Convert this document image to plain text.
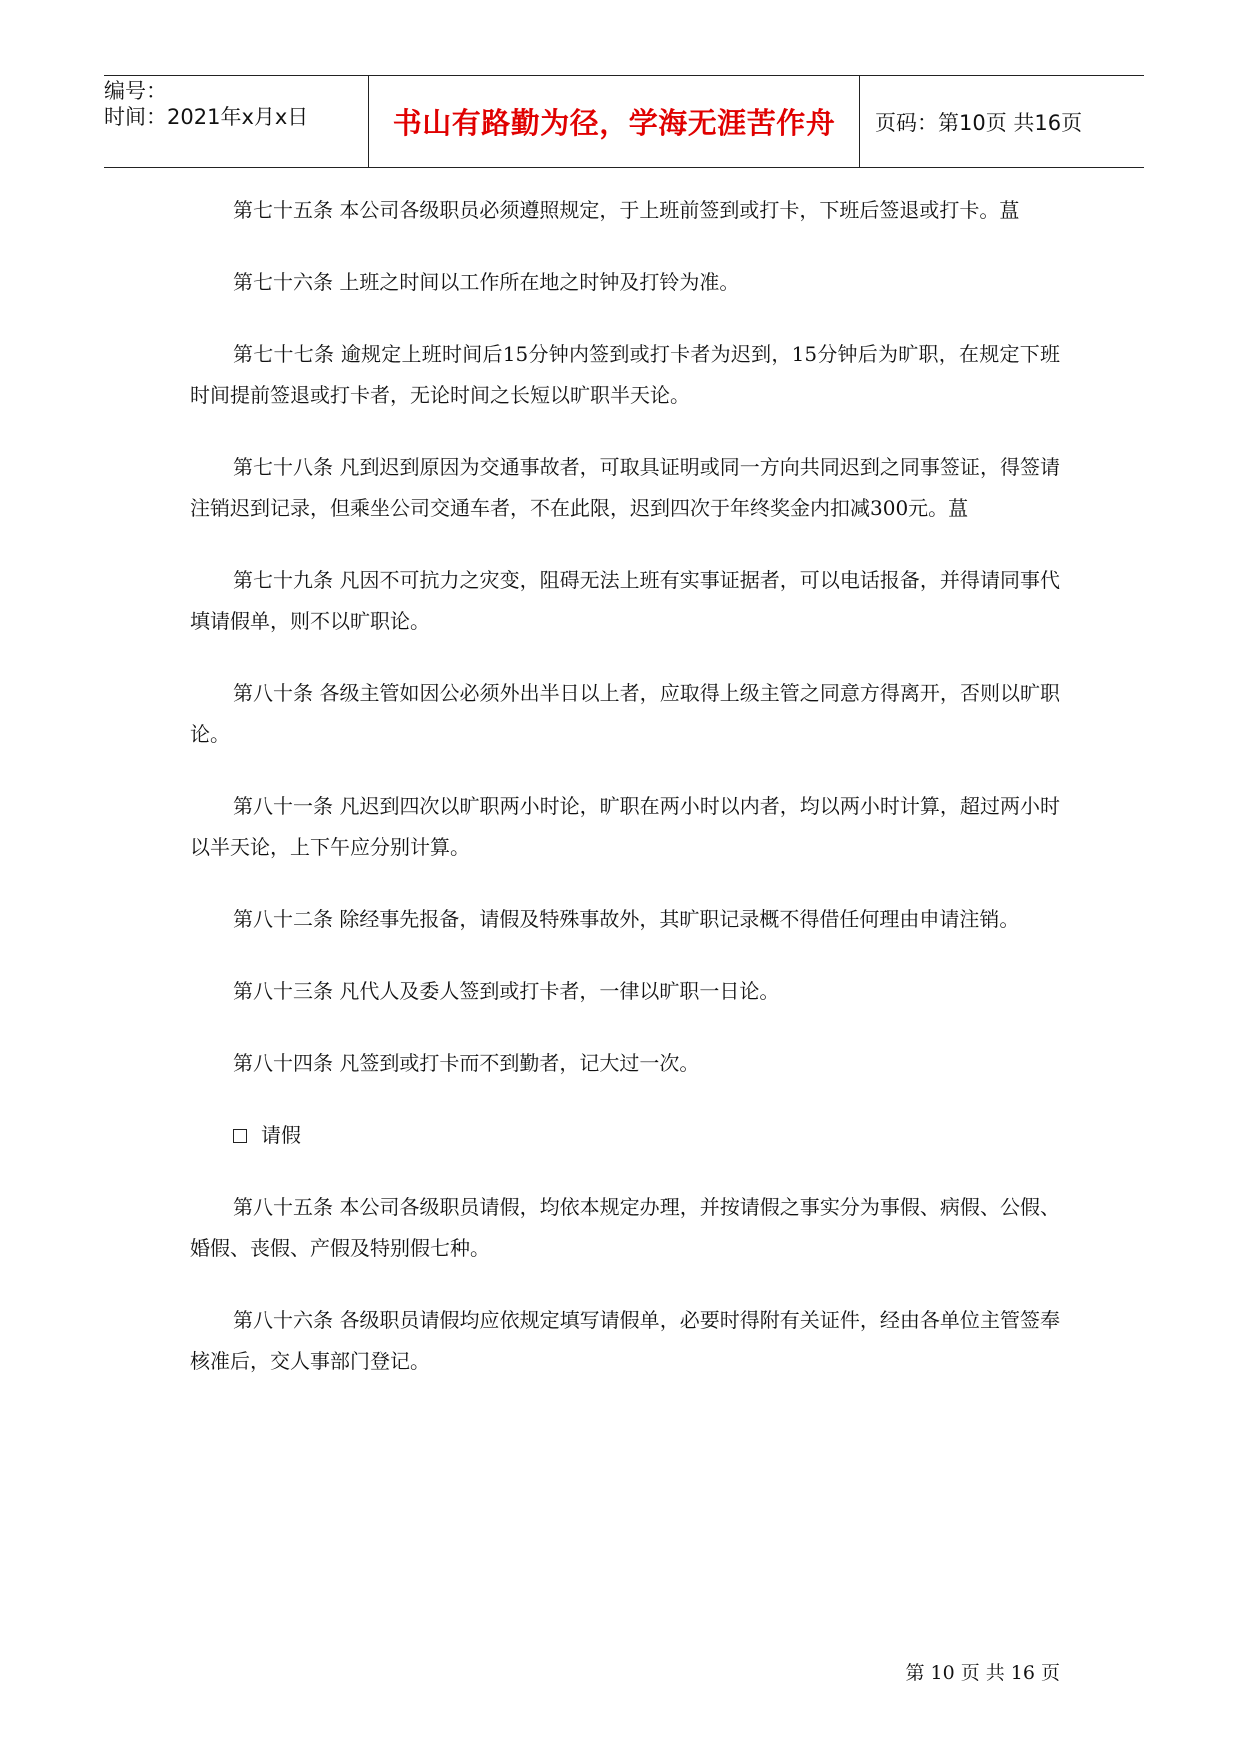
编号：
时间：2021年x月x日	书山有路勤为径，学海无涯苦作舟	页码：第10页 共16页

第七十五条 本公司各级职员必须遵照规定，于上班前签到或打卡，下班后签退或打卡。蒀

第七十六条 上班之时间以工作所在地之时钟及打铃为准。

第七十七条 逾规定上班时间后15分钟内签到或打卡者为迟到，15分钟后为旷职，在规定下班时间提前签退或打卡者，无论时间之长短以旷职半天论。

第七十八条 凡到迟到原因为交通事故者，可取具证明或同一方向共同迟到之同事签证，得签请注销迟到记录，但乘坐公司交通车者，不在此限，迟到四次于年终奖金内扣减300元。蒀

第七十九条 凡因不可抗力之灾变，阻碍无法上班有实事证据者，可以电话报备，并得请同事代填请假单，则不以旷职论。

第八十条 各级主管如因公必须外出半日以上者，应取得上级主管之同意方得离开，否则以旷职论。

第八十一条 凡迟到四次以旷职两小时论，旷职在两小时以内者，均以两小时计算，超过两小时以半天论，上下午应分别计算。

第八十二条 除经事先报备，请假及特殊事故外，其旷职记录概不得借任何理由申请注销。

第八十三条 凡代人及委人签到或打卡者，一律以旷职一日论。

第八十四条 凡签到或打卡而不到勤者，记大过一次。

请假

第八十五条 本公司各级职员请假，均依本规定办理，并按请假之事实分为事假、病假、公假、婚假、丧假、产假及特别假七种。

第八十六条 各级职员请假均应依规定填写请假单，必要时得附有关证件，经由各单位主管签奉核准后，交人事部门登记。

第 10 页 共 16 页
